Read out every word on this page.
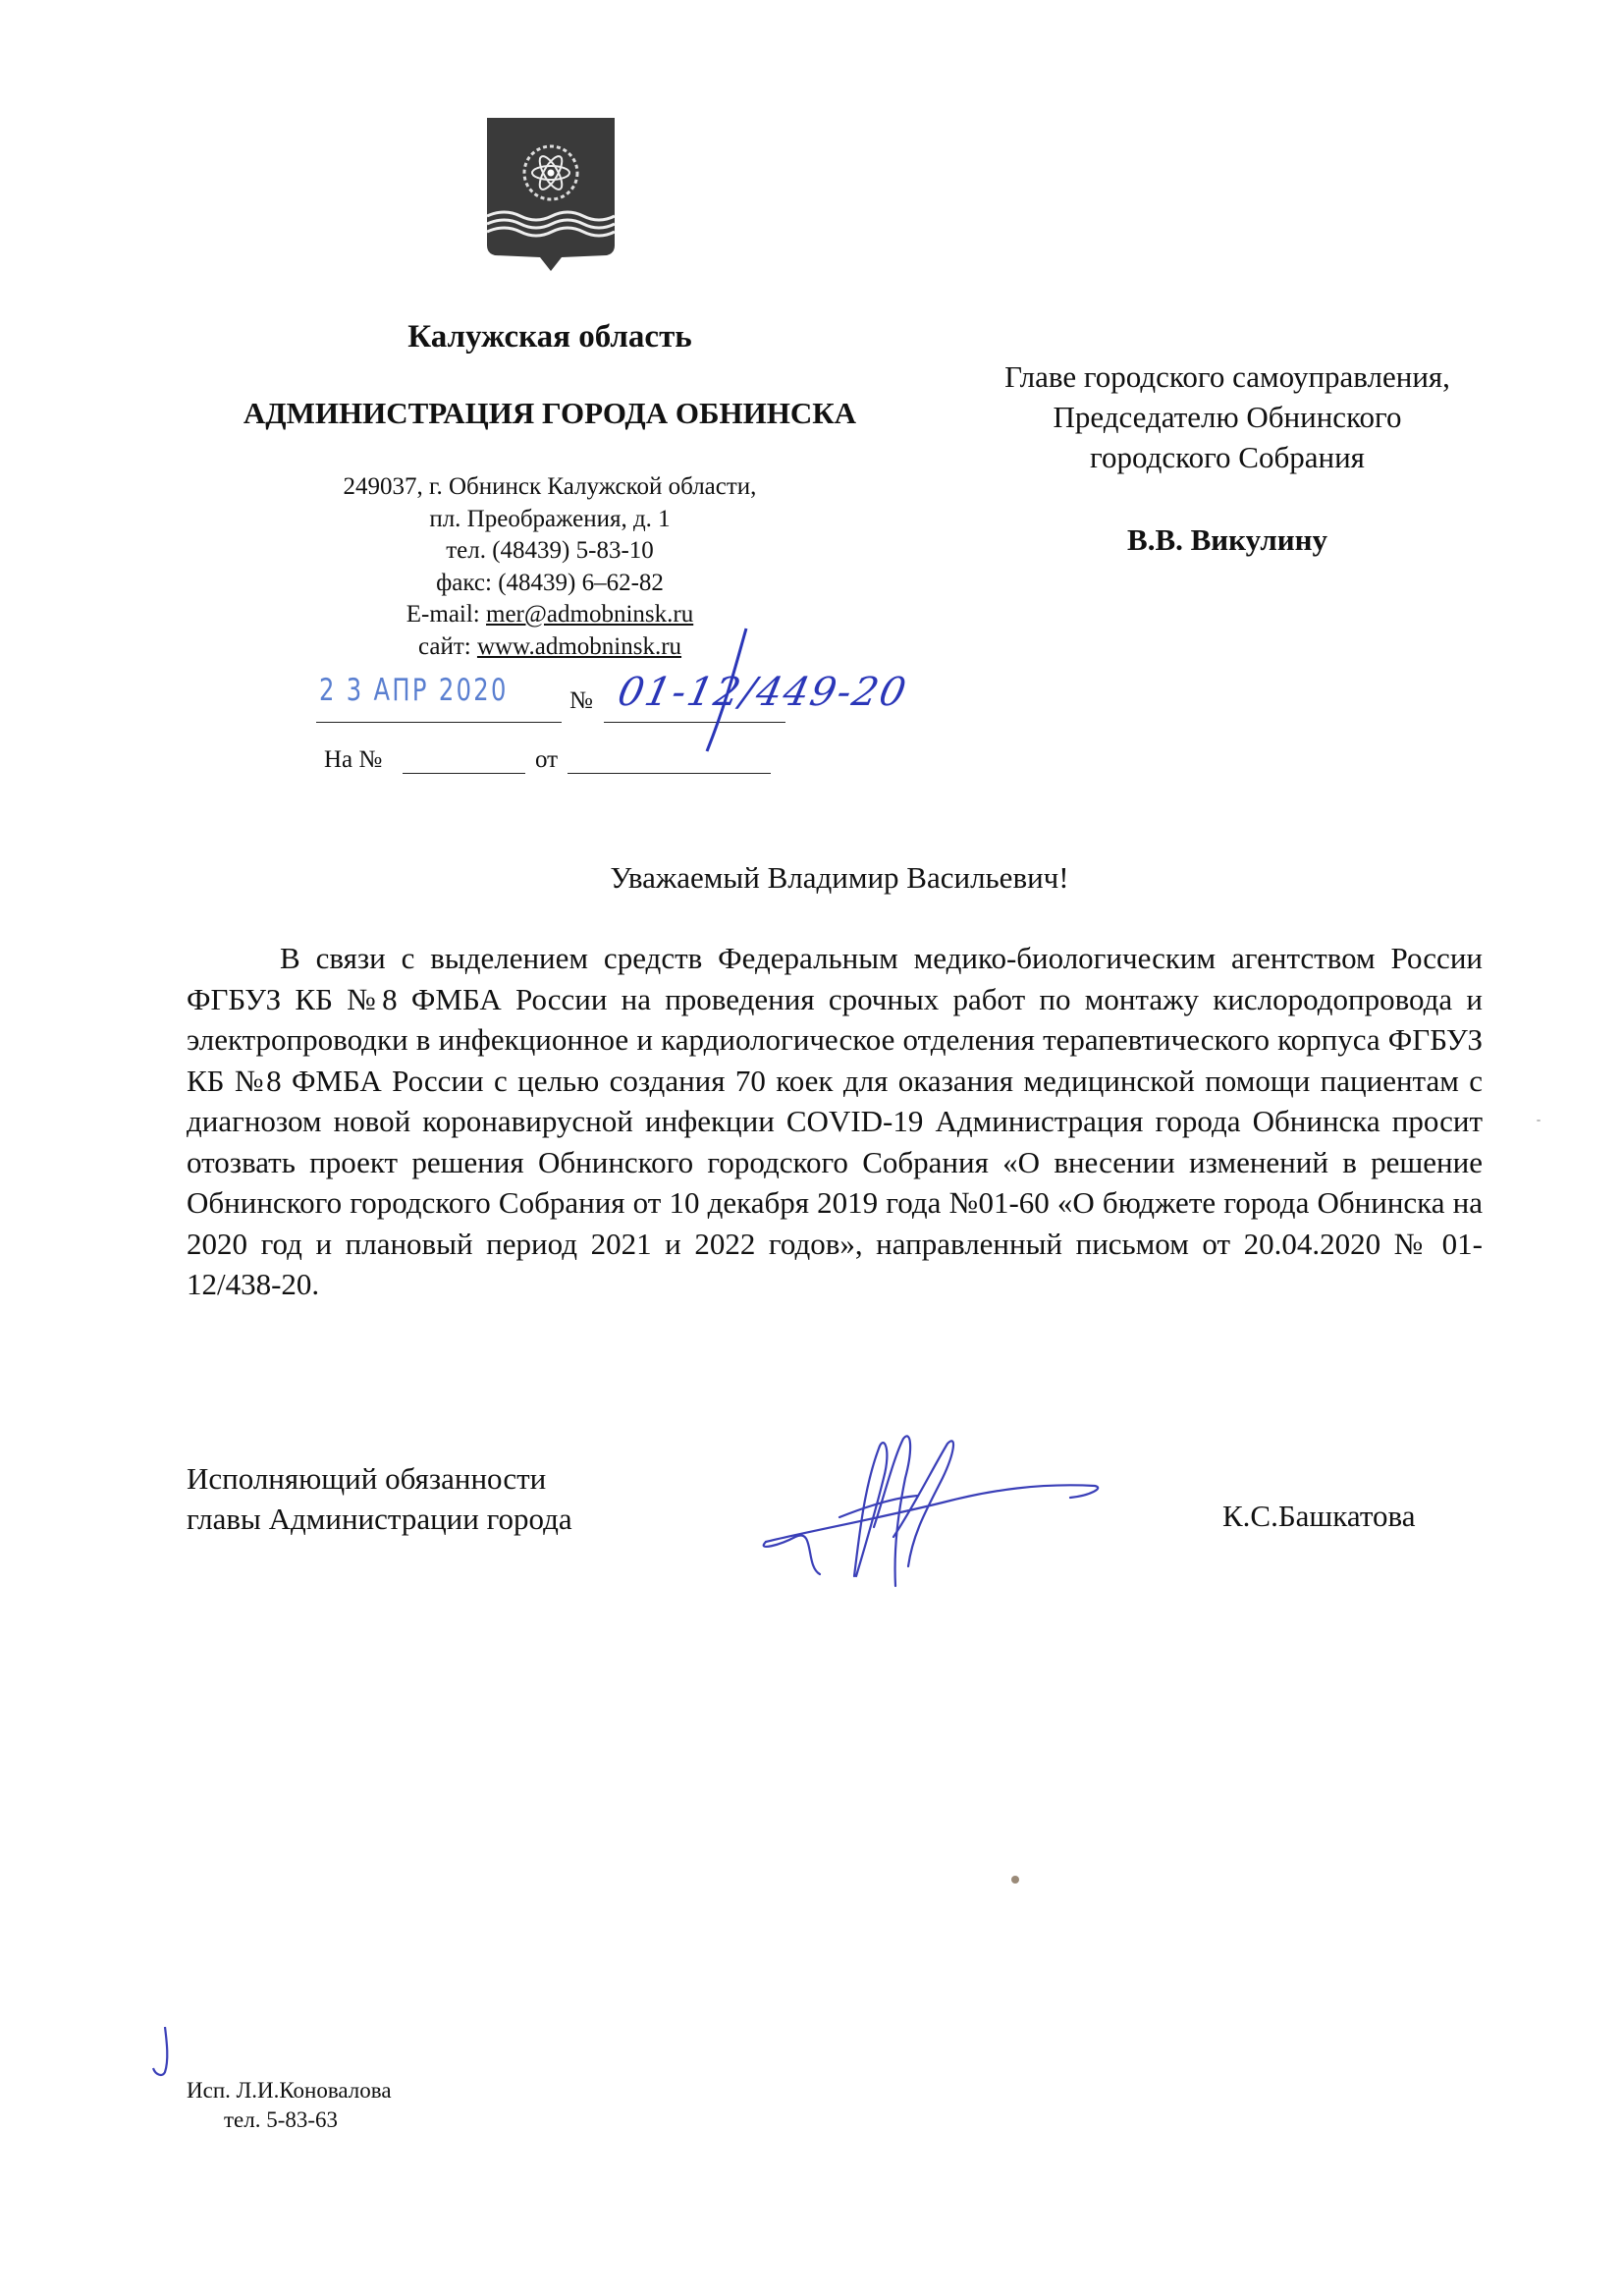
Калужская область
АДМИНИСТРАЦИЯ ГОРОДА ОБНИНСКА
249037, г. Обнинск Калужской области,
пл. Преображения, д. 1
тел. (48439) 5-83-10
факс: (48439) 6–62-82
E-mail: mer@admobninsk.ru
сайт: www.admobninsk.ru
2 3 АПР 2020 № 01-12/449-20
На №	от
Главе городского самоуправления,
Председателю Обнинского
городского Собрания
В.В. Викулину
Уважаемый Владимир Васильевич!
В связи с выделением средств Федеральным медико-биологическим агентством России ФГБУЗ КБ №8 ФМБА России на проведения срочных работ по монтажу кислородопровода и электропроводки в инфекционное и кардиологическое отделения терапевтического корпуса ФГБУЗ КБ №8 ФМБА России с целью создания 70 коек для оказания медицинской помощи пациентам с диагнозом новой коронавирусной инфекции COVID-19 Администрация города Обнинска просит отозвать проект решения Обнинского городского Собрания «О внесении изменений в решение Обнинского городского Собрания от 10 декабря 2019 года №01-60 «О бюджете города Обнинска на 2020 год и плановый период 2021 и 2022 годов», направленный письмом от 20.04.2020 № 01-12/438-20.
Исполняющий обязанности
главы Администрации города	К.С.Башкатова
Исп. Л.И.Коновалова
тел. 5-83-63
